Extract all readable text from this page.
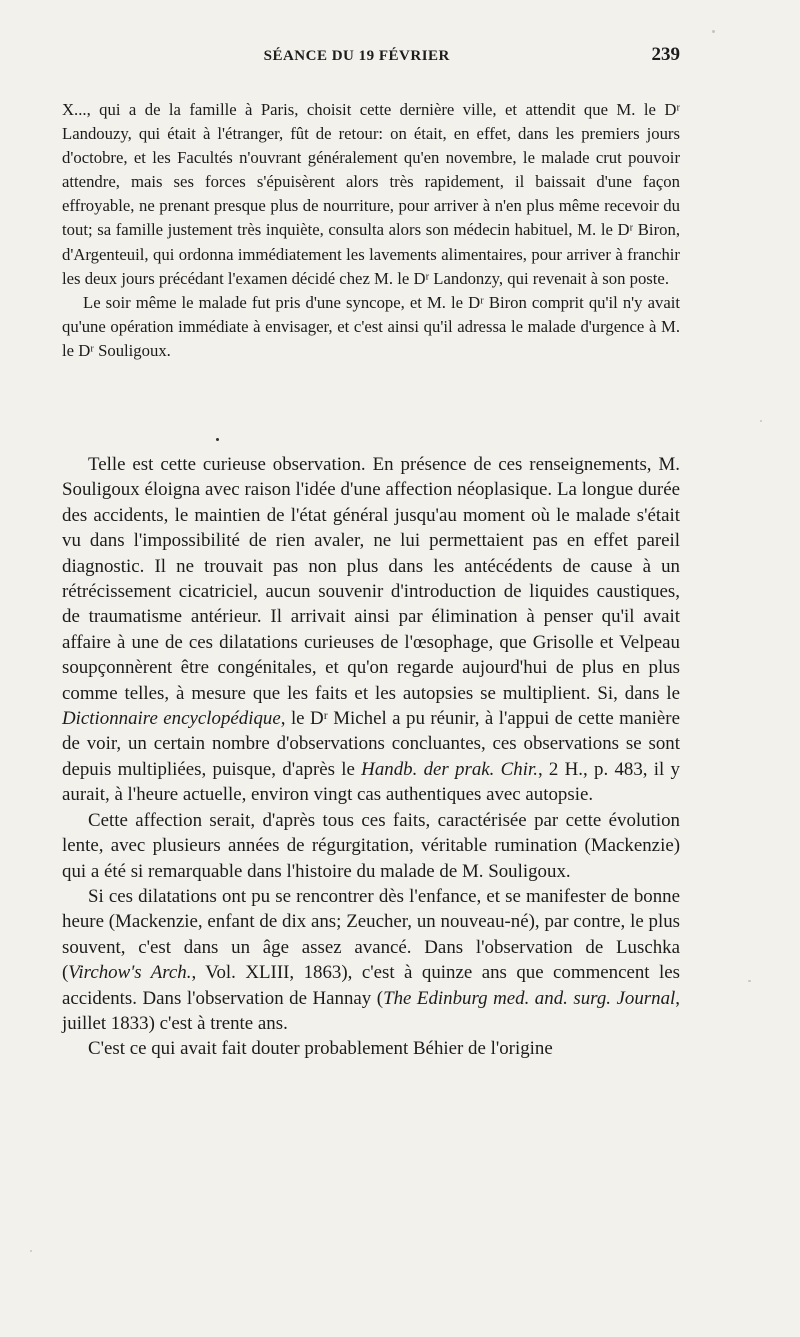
SÉANCE DU 19 FÉVRIER	239

X..., qui a de la famille à Paris, choisit cette dernière ville, et attendit que M. le Dʳ Landouzy, qui était à l'étranger, fût de retour: on était, en effet, dans les premiers jours d'octobre, et les Facultés n'ouvrant généralement qu'en novembre, le malade crut pouvoir attendre, mais ses forces s'épuisèrent alors très rapidement, il baissait d'une façon effroyable, ne prenant presque plus de nourriture, pour arriver à n'en plus même recevoir du tout; sa famille justement très inquiète, consulta alors son médecin habituel, M. le Dʳ Biron, d'Argenteuil, qui ordonna immédiatement les lavements alimentaires, pour arriver à franchir les deux jours précédant l'examen décidé chez M. le Dʳ Landonzy, qui revenait à son poste.

Le soir même le malade fut pris d'une syncope, et M. le Dʳ Biron comprit qu'il n'y avait qu'une opération immédiate à envisager, et c'est ainsi qu'il adressa le malade d'urgence à M. le Dʳ Souligoux.

Telle est cette curieuse observation. En présence de ces renseignements, M. Souligoux éloigna avec raison l'idée d'une affection néoplasique. La longue durée des accidents, le maintien de l'état général jusqu'au moment où le malade s'était vu dans l'impossibilité de rien avaler, ne lui permettaient pas en effet pareil diagnostic. Il ne trouvait pas non plus dans les antécédents de cause à un rétrécissement cicatriciel, aucun souvenir d'introduction de liquides caustiques, de traumatisme antérieur. Il arrivait ainsi par élimination à penser qu'il avait affaire à une de ces dilatations curieuses de l'œsophage, que Grisolle et Velpeau soupçonnèrent être congénitales, et qu'on regarde aujourd'hui de plus en plus comme telles, à mesure que les faits et les autopsies se multiplient. Si, dans le Dictionnaire encyclopédique, le Dʳ Michel a pu réunir, à l'appui de cette manière de voir, un certain nombre d'observations concluantes, ces observations se sont depuis multipliées, puisque, d'après le Handb. der prak. Chir., 2 H., p. 483, il y aurait, à l'heure actuelle, environ vingt cas authentiques avec autopsie.

Cette affection serait, d'après tous ces faits, caractérisée par cette évolution lente, avec plusieurs années de régurgitation, véritable rumination (Mackenzie) qui a été si remarquable dans l'histoire du malade de M. Souligoux.

Si ces dilatations ont pu se rencontrer dès l'enfance, et se manifester de bonne heure (Mackenzie, enfant de dix ans; Zeucher, un nouveau-né), par contre, le plus souvent, c'est dans un âge assez avancé. Dans l'observation de Luschka (Virchow's Arch., Vol. XLIII, 1863), c'est à quinze ans que commencent les accidents. Dans l'observation de Hannay (The Edinburg med. and. surg. Journal, juillet 1833) c'est à trente ans.

C'est ce qui avait fait douter probablement Béhier de l'origine
